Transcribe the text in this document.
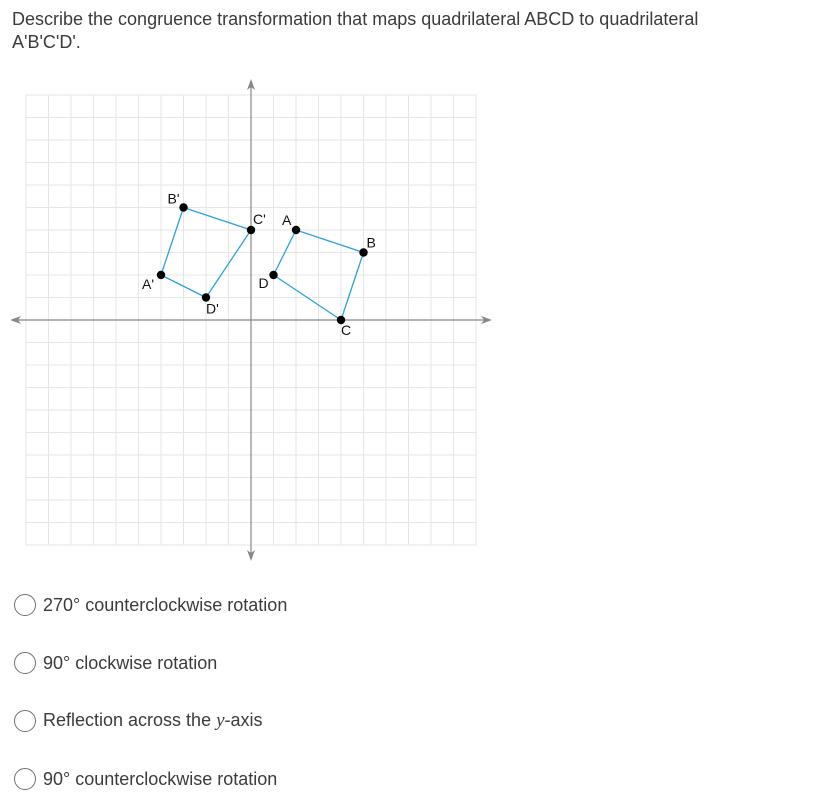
Describe the congruence transformation that maps quadrilateral ABCD to quadrilateral A'B'C'D'.

A
B
C
D
A'
B'
C'
D'
270° counterclockwise rotation
90° clockwise rotation
Reflection across the y-axis
90° counterclockwise rotation
